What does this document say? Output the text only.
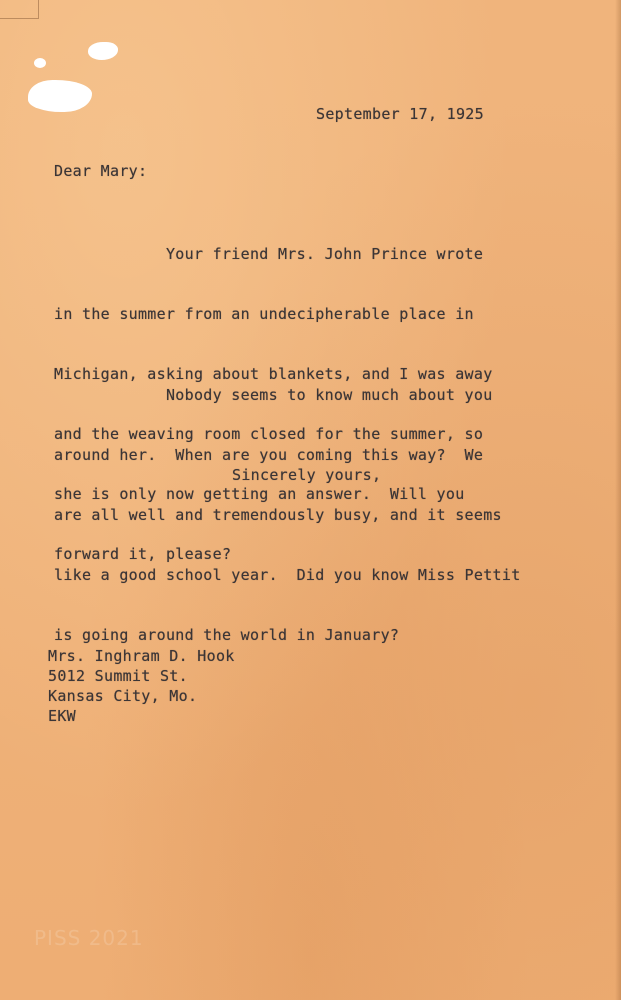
September 17, 1925
Dear Mary:

Your friend Mrs. John Prince wrote

in the summer from an undecipherable place in

Michigan, asking about blankets, and I was away

and the weaving room closed for the summer, so

she is only now getting an answer.  Will you

forward it, please?

Nobody seems to know much about you

around her.  When are you coming this way?  We

are all well and tremendously busy, and it seems

like a good school year.  Did you know Miss Pettit

is going around the world in January?

Sincerely yours,
Mrs. Inghram D. Hook
5012 Summit St.
Kansas City, Mo.
EKW
PISS 2021
